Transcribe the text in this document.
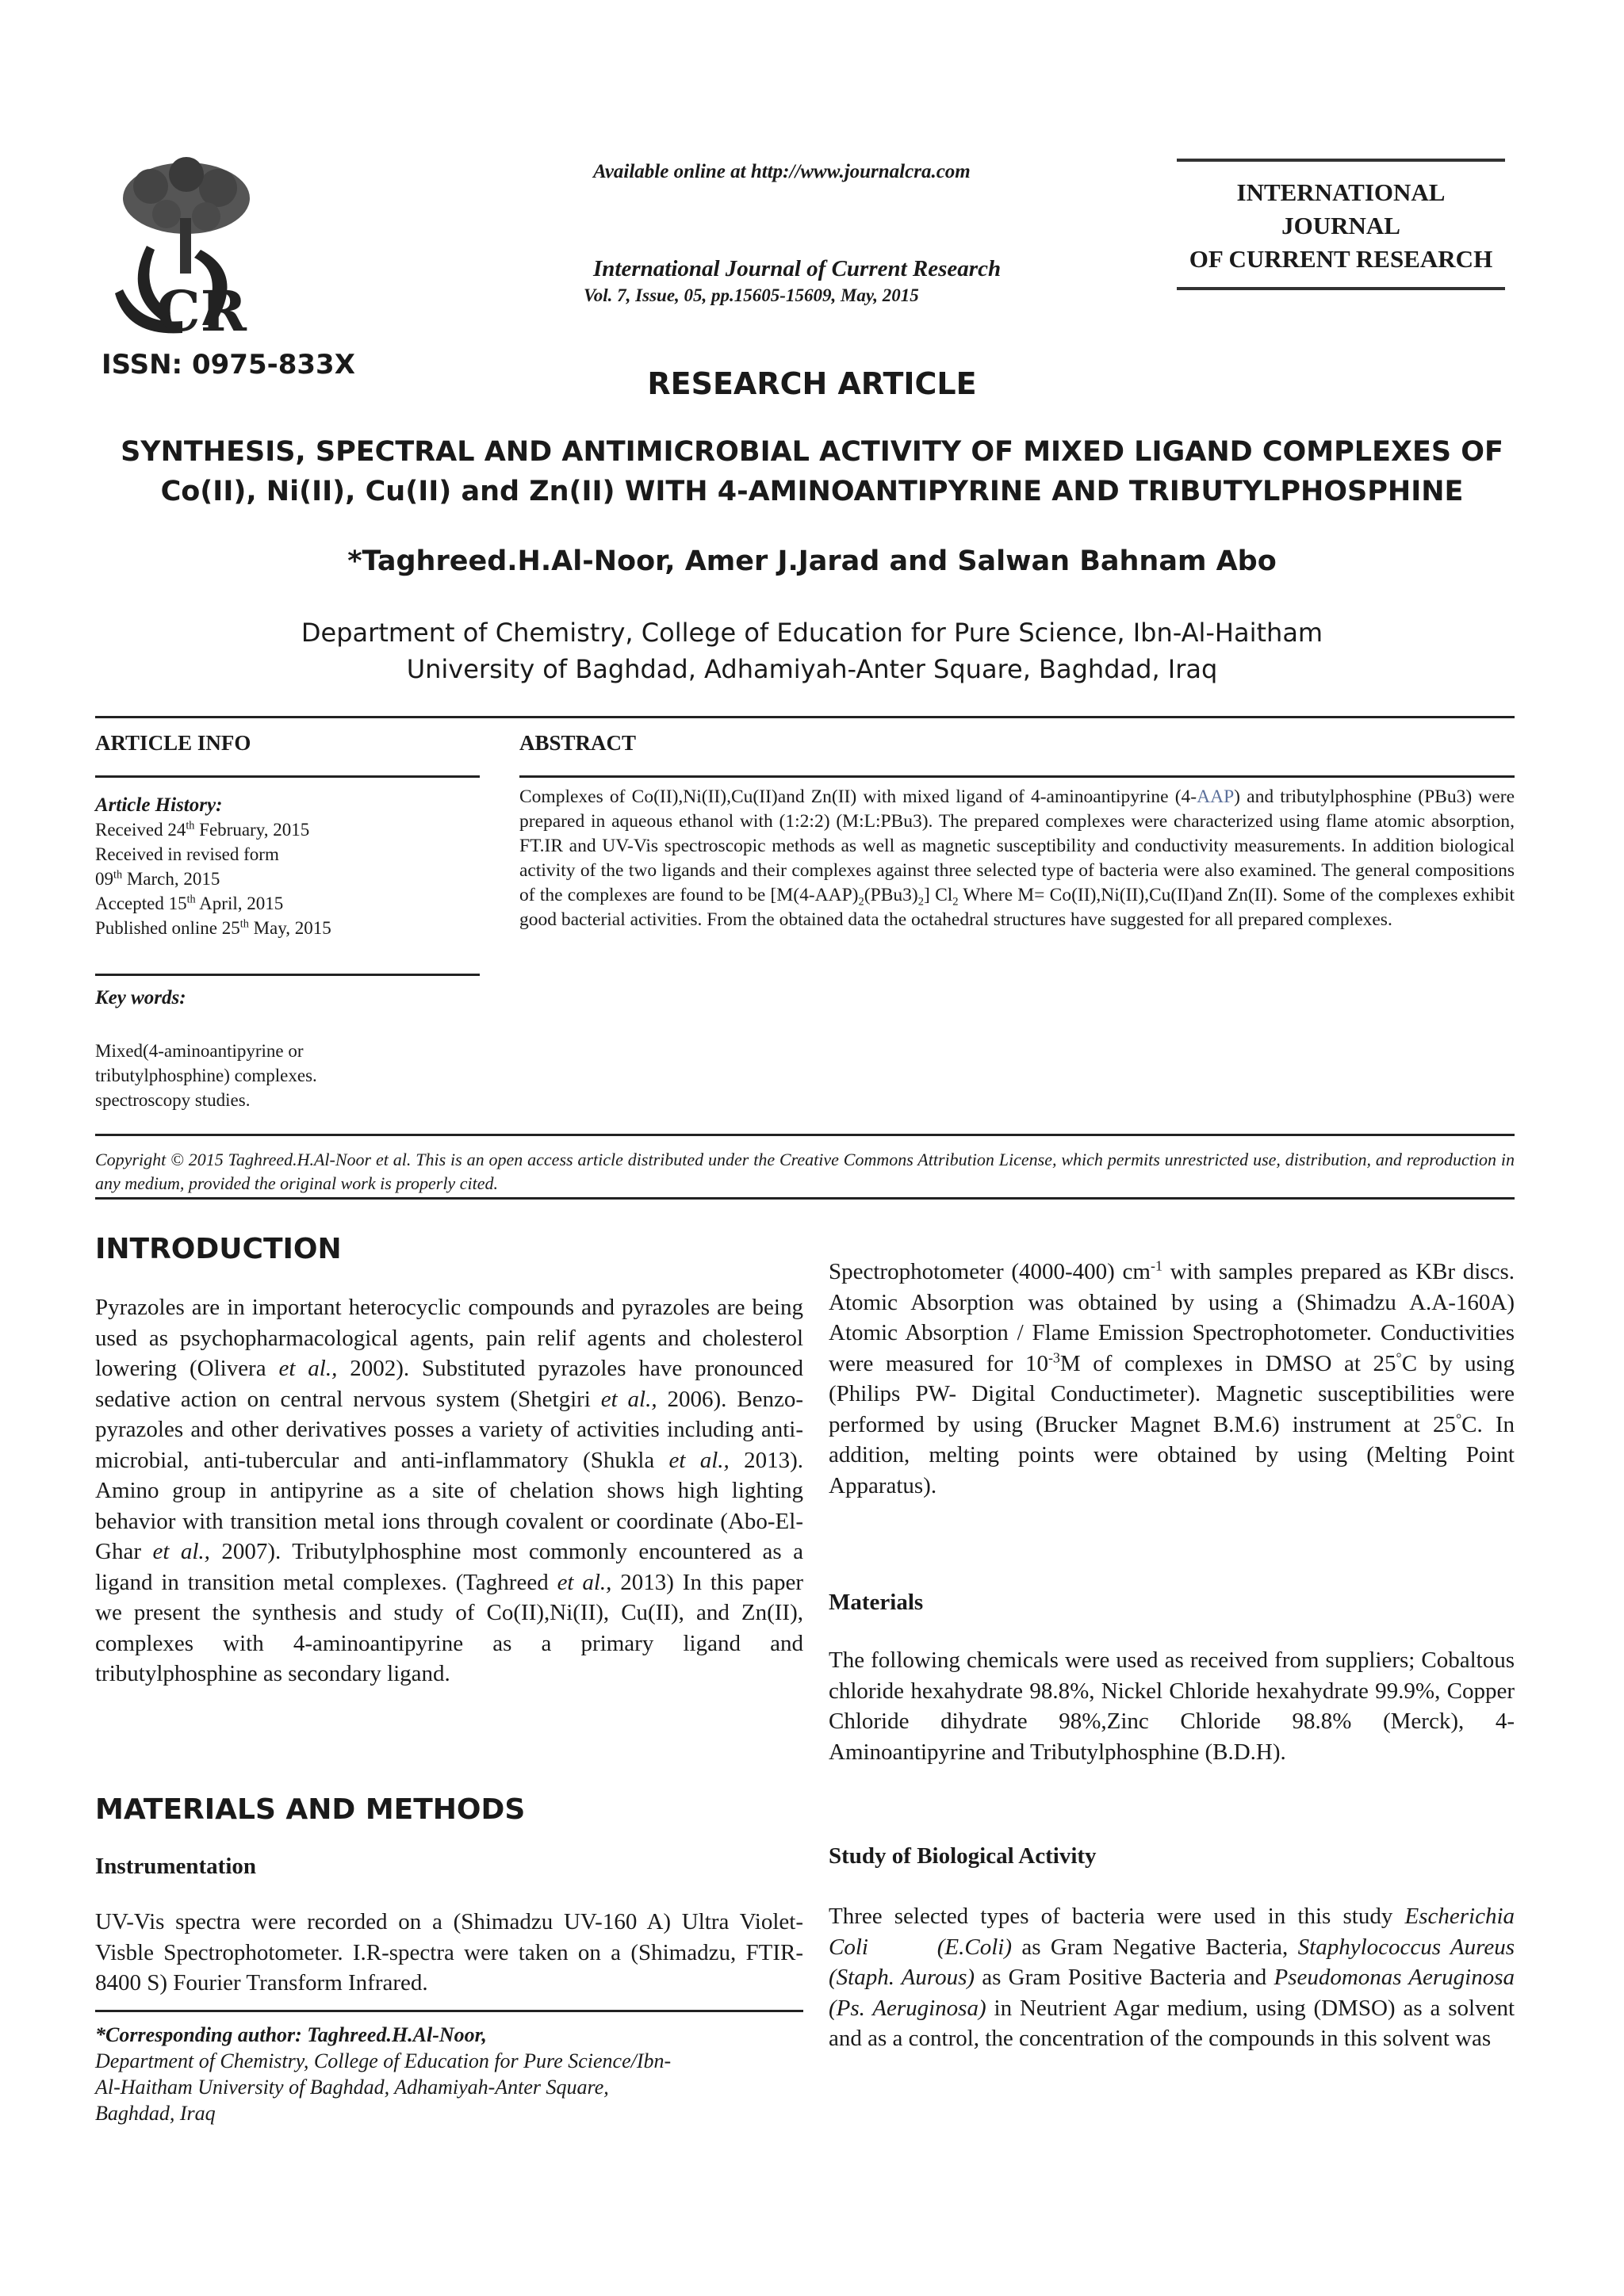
CR
ISSN: 0975-833X
Available online at http://www.journalcra.com
International Journal of Current Research
Vol. 7, Issue, 05, pp.15605-15609, May, 2015
INTERNATIONAL JOURNAL
OF CURRENT RESEARCH
RESEARCH ARTICLE
SYNTHESIS, SPECTRAL AND ANTIMICROBIAL ACTIVITY OF MIXED LIGAND COMPLEXES OF
Co(II), Ni(II), Cu(II) and Zn(II) WITH 4-AMINOANTIPYRINE AND TRIBUTYLPHOSPHINE
*Taghreed.H.Al-Noor, Amer J.Jarad and Salwan Bahnam Abo
Department of Chemistry, College of Education for Pure Science, Ibn-Al-Haitham
University of Baghdad, Adhamiyah-Anter Square, Baghdad, Iraq
ARTICLE INFO
Article History:
Received 24th February, 2015
Received in revised form
09th March, 2015
Accepted 15th April, 2015
Published online 25th May, 2015
Key words:
Mixed(4-aminoantipyrine or
tributylphosphine) complexes.
spectroscopy studies.
ABSTRACT
Complexes of Co(II),Ni(II),Cu(II)and Zn(II) with mixed ligand of 4-aminoantipyrine (4-AAP) and tributylphosphine (PBu3) were prepared in aqueous ethanol with (1:2:2) (M:L:PBu3). The prepared complexes were characterized using flame atomic absorption, FT.IR and UV-Vis spectroscopic methods as well as magnetic susceptibility and conductivity measurements. In addition biological activity of the two ligands and their complexes against three selected type of bacteria were also examined. The general compositions of the complexes are found to be $[M(4-AAP)_2(PBu3)_2]$ $Cl_2$ Where M= Co(II),Ni(II),Cu(II)and Zn(II). Some of the complexes exhibit good bacterial activities. From the obtained data the octahedral structures have suggested for all prepared complexes.
Copyright © 2015 Taghreed.H.Al-Noor et al. This is an open access article distributed under the Creative Commons Attribution License, which permits unrestricted use, distribution, and reproduction in any medium, provided the original work is properly cited.
INTRODUCTION

Pyrazoles are in important heterocyclic compounds and pyrazoles are being used as psychopharmacological agents, pain relif agents and cholesterol lowering (Olivera et al., 2002). Substituted pyrazoles have pronounced sedative action on central nervous system (Shetgiri et al., 2006). Benzo-pyrazoles and other derivatives posses a variety of activities including anti-microbial, anti-tubercular and anti-inflammatory (Shukla et al., 2013). Amino group in antipyrine as a site of chelation shows high lighting behavior with transition metal ions through covalent or coordinate (Abo-El-Ghar et al., 2007). Tributylphosphine most commonly encountered as a ligand in transition metal complexes. (Taghreed et al., 2013) In this paper we present the synthesis and study of Co(II),Ni(II), Cu(II), and Zn(II), complexes with 4-aminoantipyrine as a primary ligand and tributylphosphine as secondary ligand.

MATERIALS AND METHODS
Instrumentation
UV-Vis spectra were recorded on a (Shimadzu UV-160 A) Ultra Violet-Visble Spectrophotometer. I.R-spectra were taken on a (Shimadzu, FTIR-8400 S) Fourier Transform Infrared.
*Corresponding author: Taghreed.H.Al-Noor,
Department of Chemistry, College of Education for Pure Science/Ibn-
Al-Haitham University of Baghdad, Adhamiyah-Anter Square,
Baghdad, Iraq

Spectrophotometer (4000-400) $cm^{-1}$ with samples prepared as KBr discs. Atomic Absorption was obtained by using a (Shimadzu A.A-160A) Atomic Absorption / Flame Emission Spectrophotometer. Conductivities were measured for $10^{-3}M$ of complexes in DMSO at 25°C by using (Philips PW- Digital Conductimeter). Magnetic susceptibilities were performed by using (Brucker Magnet B.M.6) instrument at 25°C. In addition, melting points were obtained by using (Melting Point Apparatus).

Materials
The following chemicals were used as received from suppliers; Cobaltous chloride hexahydrate 98.8%, Nickel Chloride hexahydrate 99.9%, Copper Chloride dihydrate 98%,Zinc Chloride 98.8% (Merck), 4-Aminoantipyrine and Tributylphosphine (B.D.H).
Study of Biological Activity

Three selected types of bacteria were used in this study Escherichia Coli	(E.Coli) as Gram Negative Bacteria, Staphylococcus Aureus (Staph. Aurous) as Gram Positive Bacteria and Pseudomonas Aeruginosa (Ps. Aeruginosa) in Neutrient Agar medium, using (DMSO) as a solvent and as a control, the concentration of the compounds in this solvent was
